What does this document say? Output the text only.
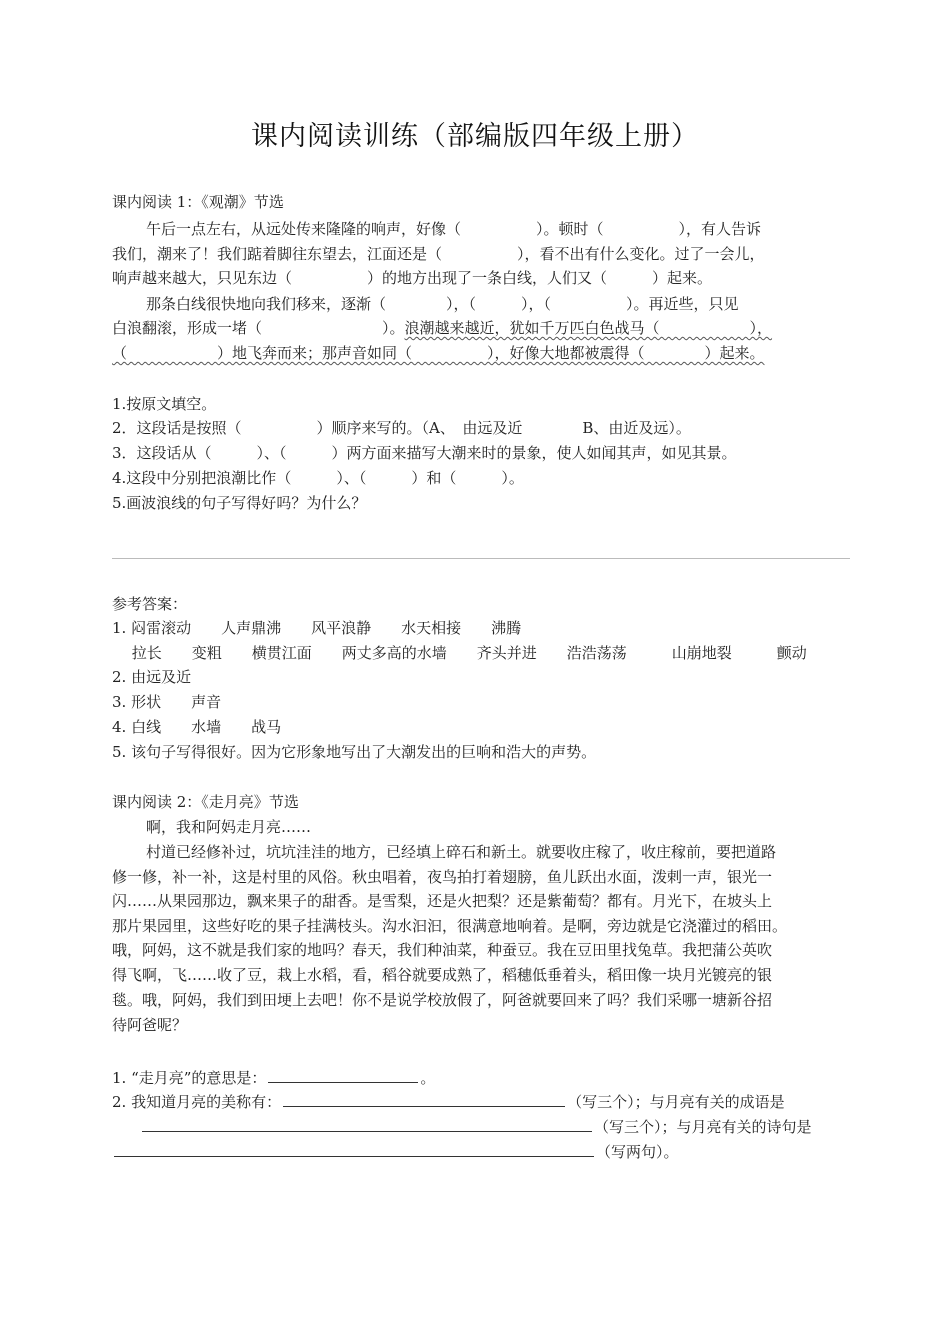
课内阅读训练（部编版四年级上册）
课内阅读 1：《观潮》节选
午后一点左右，从远处传来隆隆的响声，好像（　　　　　）。顿时（　　　　　），有人告诉
我们，潮来了！我们踮着脚往东望去，江面还是（　　　　　），看不出有什么变化。过了一会儿，
响声越来越大，只见东边（　　　　　）的地方出现了一条白线，人们又（　　　）起来。
那条白线很快地向我们移来，逐渐（　　　　），（　　　），（　　　　　）。再近些，只见
白浪翻滚，形成一堵（　　　　　　　　）。浪潮越来越近，犹如千万匹白色战马（　　　　　　），
（　　　　　　）地飞奔而来；那声音如同（　　　　　），好像大地都被震得（　　　　）起来。
1.按原文填空。
2．这段话是按照（　　　　　）顺序来写的。（A、　由远及近　　　　B、由近及远）。
3．这段话从（　　　）、（　　　）两方面来描写大潮来时的景象，使人如闻其声，如见其景。
4.这段中分别把浪潮比作（　　　）、（　　　）和（　　　）。
5.画波浪线的句子写得好吗？为什么？
参考答案：
1. 闷雷滚动　　人声鼎沸　　风平浪静　　水天相接　　沸腾
　 拉长　　变粗　　横贯江面　　两丈多高的水墙　　齐头并进　　浩浩荡荡　　　山崩地裂　　　颤动
2. 由远及近
3. 形状　　声音
4. 白线　　水墙　　战马
5. 该句子写得很好。因为它形象地写出了大潮发出的巨响和浩大的声势。
课内阅读 2：《走月亮》节选
啊，我和阿妈走月亮……
村道已经修补过，坑坑洼洼的地方，已经填上碎石和新土。就要收庄稼了，收庄稼前，要把道路
修一修，补一补，这是村里的风俗。秋虫唱着，夜鸟拍打着翅膀，鱼儿跃出水面，泼剌一声，银光一
闪……从果园那边，飘来果子的甜香。是雪梨，还是火把梨？还是紫葡萄？都有。月光下，在坡头上
那片果园里，这些好吃的果子挂满枝头。沟水汩汩，很满意地响着。是啊，旁边就是它浇灌过的稻田。
哦，阿妈，这不就是我们家的地吗？春天，我们种油菜，种蚕豆。我在豆田里找兔草。我把蒲公英吹
得飞啊，飞……收了豆，栽上水稻，看，稻谷就要成熟了，稻穗低垂着头，稻田像一块月光镀亮的银
毯。哦，阿妈，我们到田埂上去吧！你不是说学校放假了，阿爸就要回来了吗？我们采哪一塘新谷招
待阿爸呢？
1. “走月亮”的意思是：	。
2. 我知道月亮的美称有：	（写三个）；与月亮有关的成语是
（写三个）；与月亮有关的诗句是
（写两句）。
